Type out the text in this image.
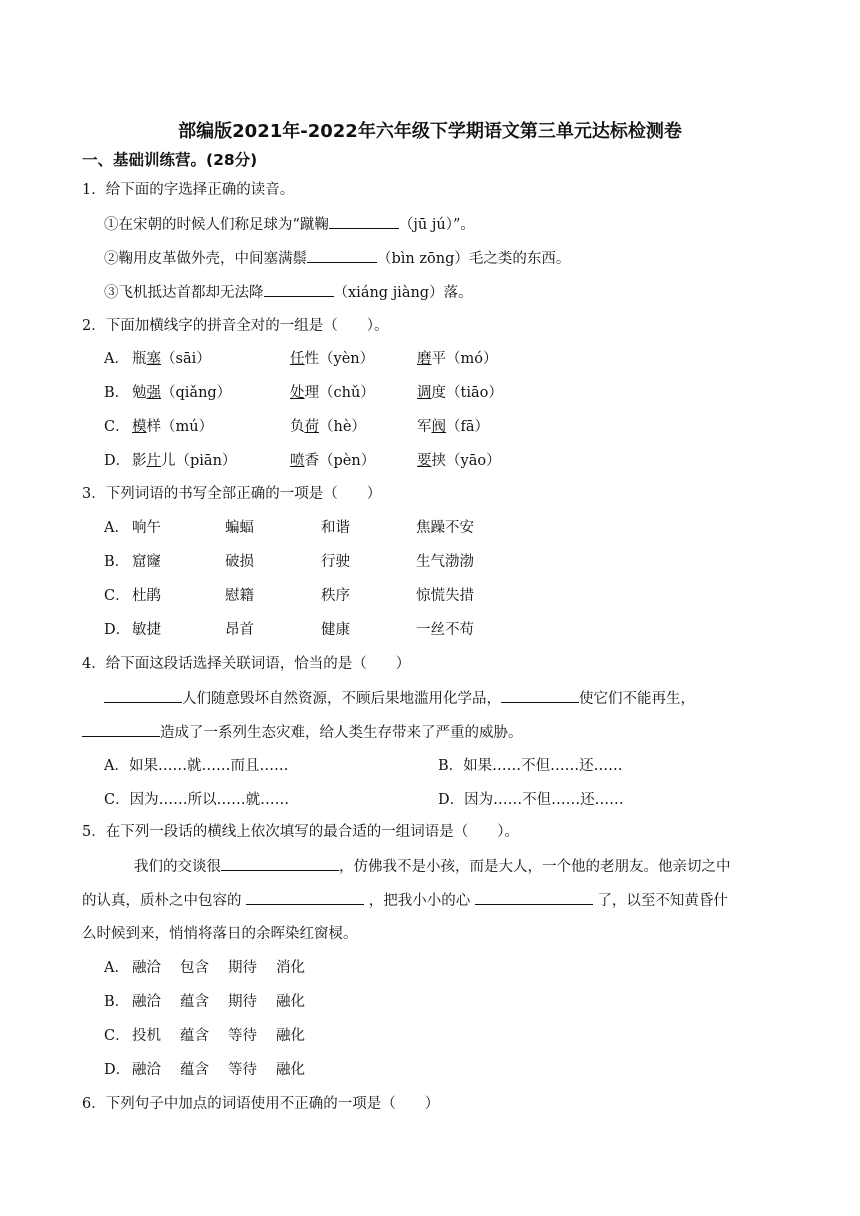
部编版2021年-2022年六年级下学期语文第三单元达标检测卷
一、基础训练营。(28分)
1．给下面的字选择正确的读音。
①在宋朝的时候人们称足球为“蹴鞠	（jū jú）”。
②鞠用皮革做外壳，中间塞满鬃	（bìn zōng）毛之类的东西。
③飞机抵达首都却无法降	（xiáng jiàng）落。
2．下面加横线字的拼音全对的一组是（　　）。
A． 瓶塞（sāi）	任性（yèn）	磨平（mó）
B． 勉强（qiǎng）	处理（chǔ）	调度（tiāo）
C． 模样（mú）	负荷（hè）	军阀（fā）
D． 影片儿（piān）	喷香（pèn）	要挟（yāo）
3．下列词语的书写全部正确的一项是（　　）
A． 响午	蝙蝠	和谐	焦躁不安
B． 窟窿	破损	行驶	生气渤渤
C． 杜鹃	慰籍	秩序	惊慌失措
D． 敏捷	昂首	健康	一丝不苟
4．给下面这段话选择关联词语，恰当的是（　　）
人们随意毁坏自然资源，不顾后果地滥用化学品，	使它们不能再生，
造成了一系列生态灾难，给人类生存带来了严重的威胁。
A．如果……就……而且……	B．如果……不但……还……
C．因为……所以……就……	D．因为……不但……还……
5．在下列一段话的横线上依次填写的最合适的一组词语是（　　）。
我们的交谈很	，仿佛我不是小孩，而是大人，一个他的老朋友。他亲切之中
的认真，质朴之中包容的	，把我小小的心	了，以至不知黄昏什
么时候到来，悄悄将落日的余晖染红窗棂。
A． 融洽 包含 期待 消化
B． 融洽 蕴含 期待 融化
C． 投机 蕴含 等待 融化
D． 融洽 蕴含 等待 融化
6．下列句子中加点的词语使用不正确的一项是（　　）
